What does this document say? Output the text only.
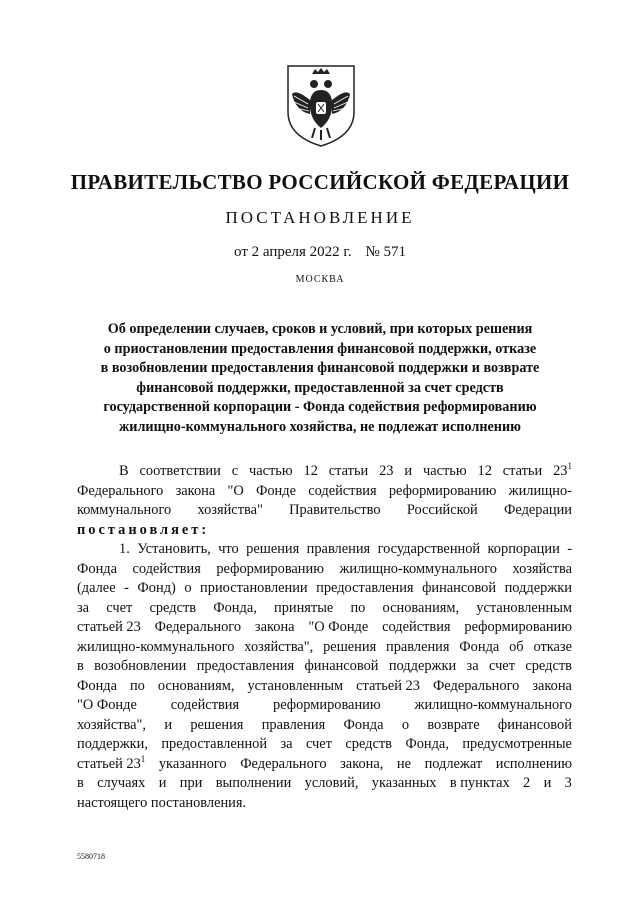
ПРАВИТЕЛЬСТВО РОССИЙСКОЙ ФЕДЕРАЦИИ
ПОСТАНОВЛЕНИЕ
от 2 апреля 2022 г. № 571
МОСКВА
Об определении случаев, сроков и условий, при которых решения
о приостановлении предоставления финансовой поддержки, отказе
в возобновлении предоставления финансовой поддержки и возврате
финансовой поддержки, предоставленной за счет средств
государственной корпорации - Фонда содействия реформированию
жилищно-коммунального хозяйства, не подлежат исполнению
В соответствии с частью 12 статьи 23 и частью 12 статьи $23^1$
Федерального закона "О Фонде содействия реформированию жилищно-
коммунального хозяйства" Правительство Российской Федерации
постановляет:
1. Установить, что решения правления государственной корпорации -
Фонда содействия реформированию жилищно-коммунального хозяйства
(далее - Фонд) о приостановлении предоставления финансовой поддержки
за счет средств Фонда, принятые по основаниям, установленным
статьей 23 Федерального закона "О Фонде содействия реформированию
жилищно-коммунального хозяйства", решения правления Фонда об отказе
в возобновлении предоставления финансовой поддержки за счет средств
Фонда по основаниям, установленным статьей 23 Федерального закона
"О Фонде содействия реформированию жилищно-коммунального
хозяйства", и решения правления Фонда о возврате финансовой
поддержки, предоставленной за счет средств Фонда, предусмотренные
статьей $23^1$ указанного Федерального закона, не подлежат исполнению
в случаях и при выполнении условий, указанных в пунктах 2 и 3
настоящего постановления.
5580718
